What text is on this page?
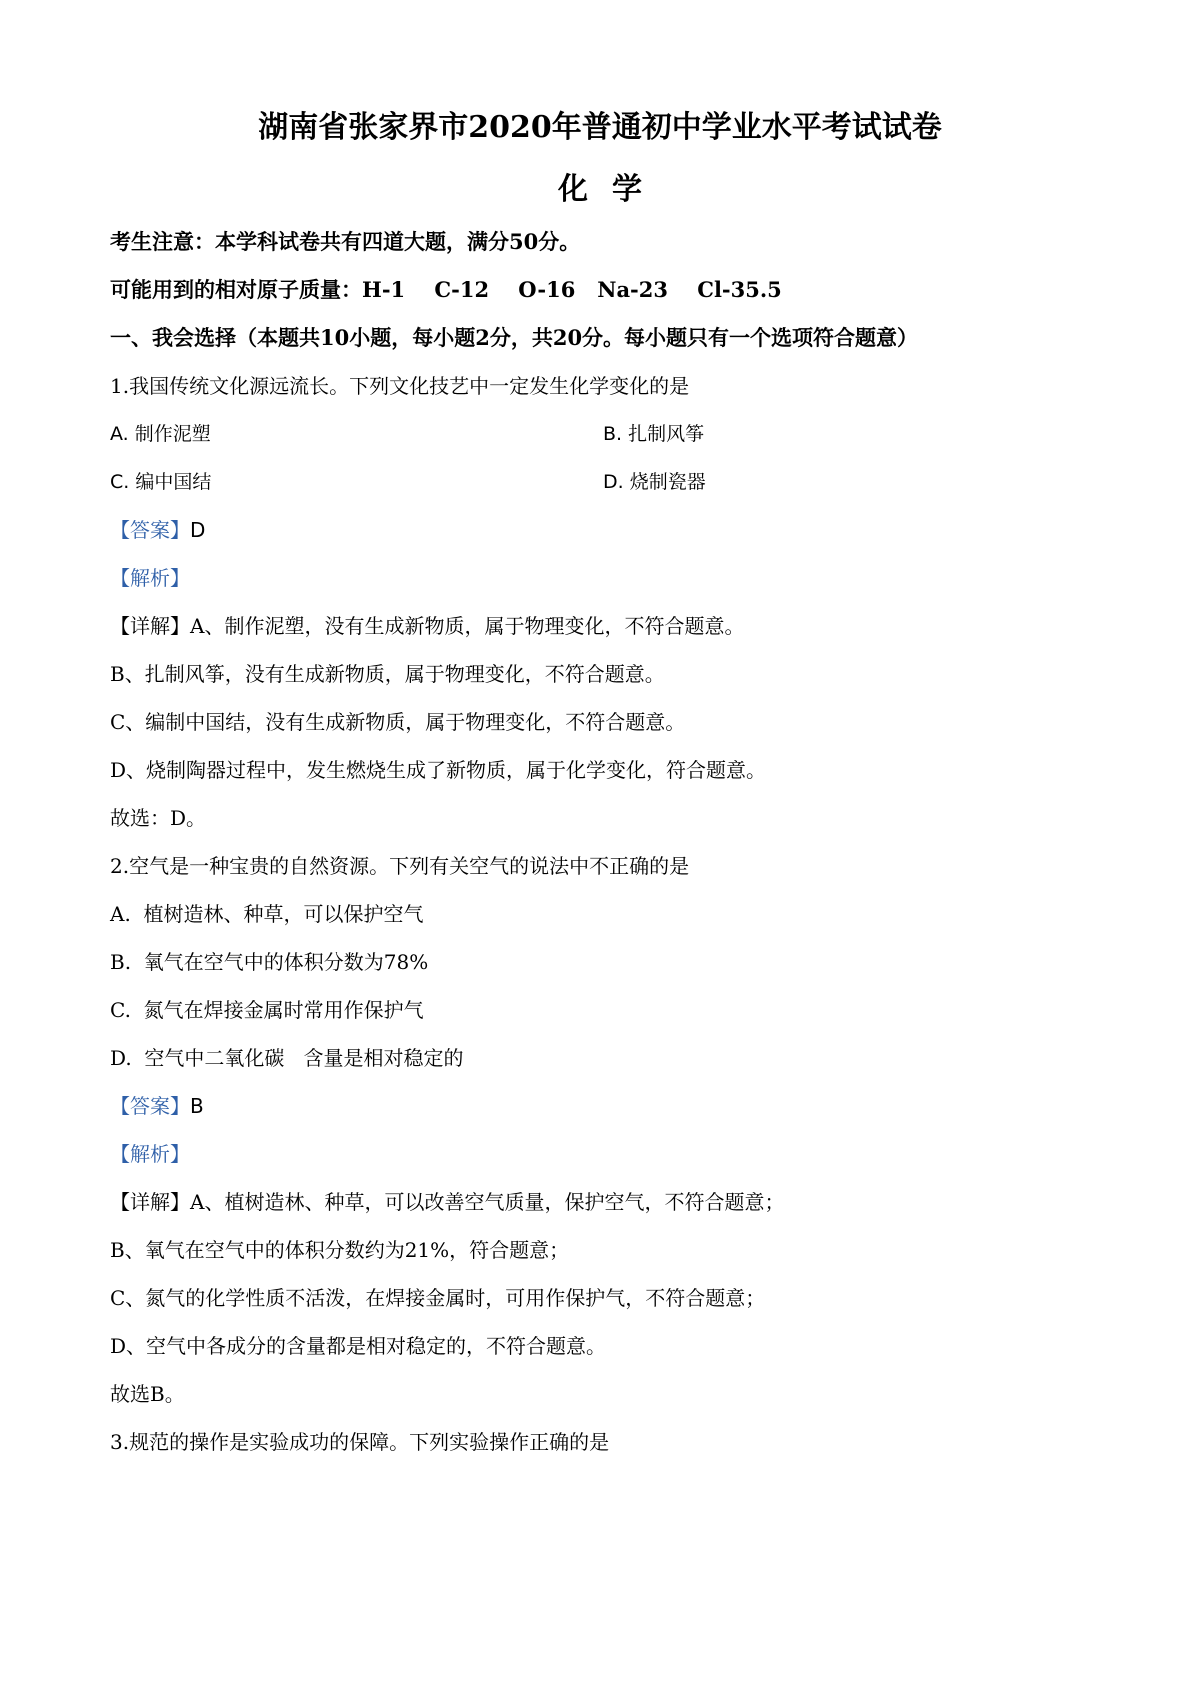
湖南省张家界市2020年普通初中学业水平考试试卷
化学
考生注意：本学科试卷共有四道大题，满分50分。
可能用到的相对原子质量：H-1    C-12    O-16   Na-23    Cl-35.5
一、我会选择（本题共10小题，每小题2分，共20分。每小题只有一个选项符合题意）
1.我国传统文化源远流长。下列文化技艺中一定发生化学变化的是
A. 制作泥塑	B. 扎制风筝
C. 编中国结	D. 烧制瓷器
【答案】D
【解析】
【详解】A、制作泥塑，没有生成新物质，属于物理变化，不符合题意。
B、扎制风筝，没有生成新物质，属于物理变化，不符合题意。
C、编制中国结，没有生成新物质，属于物理变化，不符合题意。
D、烧制陶器过程中，发生燃烧生成了新物质，属于化学变化，符合题意。
故选：D。
2.空气是一种宝贵的自然资源。下列有关空气的说法中不正确的是
A.  植树造林、种草，可以保护空气
B.  氧气在空气中的体积分数为78%
C.  氮气在焊接金属时常用作保护气
D.  空气中二氧化碳   含量是相对稳定的
【答案】B
【解析】
【详解】A、植树造林、种草，可以改善空气质量，保护空气，不符合题意；
B、氧气在空气中的体积分数约为21%，符合题意；
C、氮气的化学性质不活泼，在焊接金属时，可用作保护气，不符合题意；
D、空气中各成分的含量都是相对稳定的，不符合题意。
故选B。
3.规范的操作是实验成功的保障。下列实验操作正确的是
